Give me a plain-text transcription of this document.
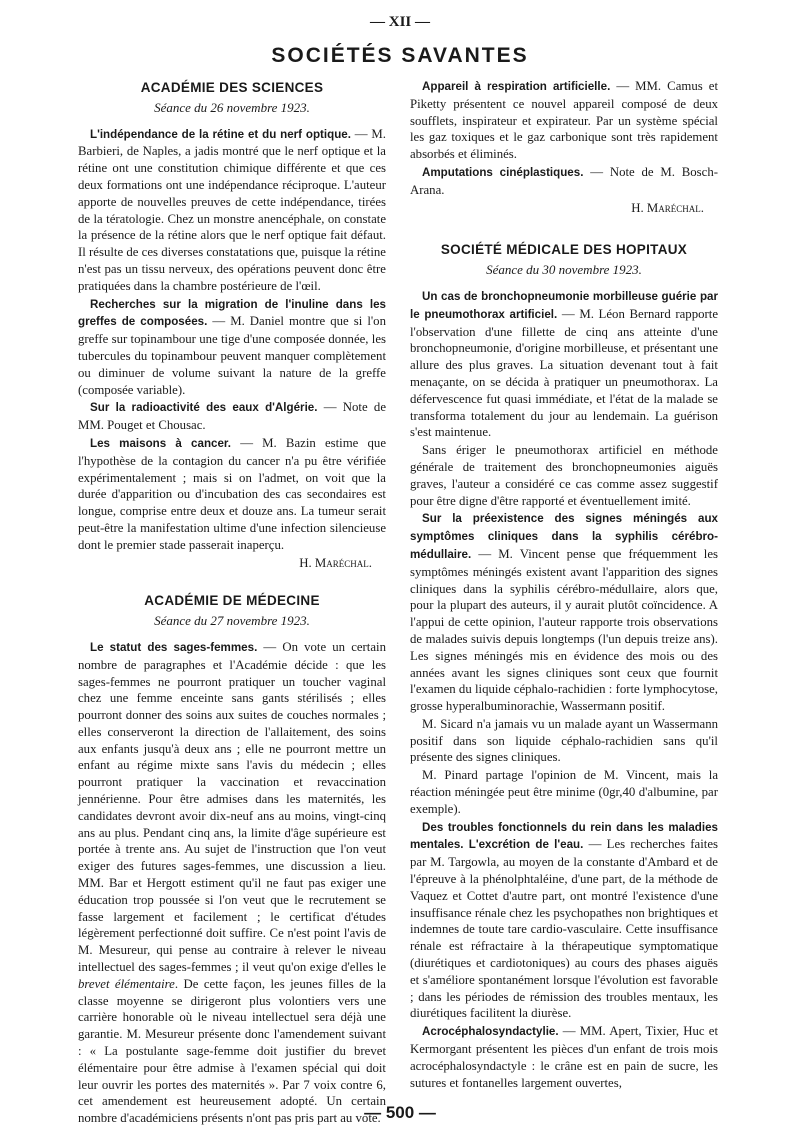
— XII —
SOCIÉTÉS SAVANTES
ACADÉMIE DES SCIENCES
Séance du 26 novembre 1923.

L'indépendance de la rétine et du nerf optique. — M. Barbieri, de Naples, a jadis montré que le nerf optique et la rétine ont une constitution chimique différente et que ces deux formations ont une indépendance réciproque. L'auteur apporte de nouvelles preuves de cette indépendance, tirées de la tératologie. Chez un monstre anencéphale, on constate la présence de la rétine alors que le nerf optique fait défaut. Il résulte de ces diverses constatations que, puisque la rétine n'est pas un tissu nerveux, des opérations peuvent donc être pratiquées dans la chambre postérieure de l'œil.

Recherches sur la migration de l'inuline dans les greffes de composées. — M. Daniel montre que si l'on greffe sur topinambour une tige d'une composée donnée, les tubercules du topinambour peuvent manquer complètement ou diminuer de volume suivant la nature de la greffe (composée variable).

Sur la radioactivité des eaux d'Algérie. — Note de MM. Pouget et Chousac.

Les maisons à cancer. — M. Bazin estime que l'hypothèse de la contagion du cancer n'a pu être vérifiée expérimentalement ; mais si on l'admet, on voit que la durée d'apparition ou d'incubation des cas secondaires est longue, comprise entre deux et douze ans. La tumeur serait peut-être la manifestation ultime d'une infection silencieuse dont le premier stade passerait inaperçu.

H. Maréchal.
ACADÉMIE DE MÉDECINE
Séance du 27 novembre 1923.

Le statut des sages-femmes. — On vote un certain nombre de paragraphes et l'Académie décide : que les sages-femmes ne pourront pratiquer un toucher vaginal chez une femme enceinte sans gants stérilisés ; elles pourront donner des soins aux suites de couches normales ; elles conserveront la direction de l'allaitement, des soins aux enfants jusqu'à deux ans ; elle ne pourront mettre un enfant au régime mixte sans l'avis du médecin ; elles pourront pratiquer la vaccination et revaccination jennérienne. Pour être admises dans les maternités, les candidates devront avoir dix-neuf ans au moins, vingt-cinq ans au plus. Pendant cinq ans, la limite d'âge supérieure est portée à trente ans. Au sujet de l'instruction que l'on veut exiger des futures sages-femmes, une discussion a lieu. MM. Bar et Hergott estiment qu'il ne faut pas exiger une éducation trop poussée si l'on veut que le recrutement se fasse largement et facilement ; le certificat d'études légèrement perfectionné doit suffire. Ce n'est point l'avis de M. Mesureur, qui pense au contraire à relever le niveau intellectuel des sages-femmes ; il veut qu'on exige d'elles le brevet élémentaire. De cette façon, les jeunes filles de la classe moyenne se dirigeront plus volontiers vers une carrière honorable où le niveau intellectuel sera déjà une garantie. M. Mesureur présente donc l'amendement suivant : « La postulante sage-femme doit justifier du brevet élémentaire pour être admise à l'examen spécial qui doit leur ouvrir les portes des maternités ». Par 7 voix contre 6, cet amendement est heureusement adopté. Un certain nombre d'académiciens présents n'ont pas pris part au vote.

Appareil à respiration artificielle. — MM. Camus et Piketty présentent ce nouvel appareil composé de deux soufflets, inspirateur et expirateur. Par un système spécial les gaz toxiques et le gaz carbonique sont très rapidement absorbés et éliminés.

Amputations cinéplastiques. — Note de M. Bosch-Arana.

H. Maréchal.
SOCIÉTÉ MÉDICALE DES HOPITAUX
Séance du 30 novembre 1923.

Un cas de bronchopneumonie morbilleuse guérie par le pneumothorax artificiel. — M. Léon Bernard rapporte l'observation d'une fillette de cinq ans atteinte d'une bronchopneumonie, d'origine morbilleuse, et présentant une allure des plus graves. La situation devenant tout à fait menaçante, on se décida à pratiquer un pneumothorax. La défervescence fut quasi immédiate, et l'état de la malade se transforma totalement du jour au lendemain. La guérison s'est maintenue.

Sans ériger le pneumothorax artificiel en méthode générale de traitement des bronchopneumonies aiguës graves, l'auteur a considéré ce cas comme assez suggestif pour être digne d'être rapporté et éventuellement imité.

Sur la préexistence des signes méningés aux symptômes cliniques dans la syphilis cérébro-médullaire. — M. Vincent pense que fréquemment les symptômes méningés existent avant l'apparition des signes cliniques dans la syphilis cérébro-médullaire, alors que, pour la plupart des auteurs, il y aurait plutôt coïncidence. A l'appui de cette opinion, l'auteur rapporte trois observations de malades suivis depuis longtemps (l'un depuis treize ans). Les signes méningés mis en évidence des mois ou des années avant les signes cliniques sont ceux que fournit l'examen du liquide céphalo-rachidien : forte lymphocytose, grosse hyperalbuminorachie, Wassermann positif.

M. Sicard n'a jamais vu un malade ayant un Wassermann positif dans son liquide céphalo-rachidien sans qu'il présente des signes cliniques.

M. Pinard partage l'opinion de M. Vincent, mais la réaction méningée peut être minime (0gr,40 d'albumine, par exemple).

Des troubles fonctionnels du rein dans les maladies mentales. L'excrétion de l'eau. — Les recherches faites par M. Targowla, au moyen de la constante d'Ambard et de l'épreuve à la phénolphtaléine, d'une part, de la méthode de Vaquez et Cottet d'autre part, ont montré l'existence d'une insuffisance rénale chez les psychopathes non brightiques et indemnes de toute tare cardio-vasculaire. Cette insuffisance rénale est réfractaire à la thérapeutique symptomatique (diurétiques et cardiotoniques) au cours des phases aiguës et s'améliore spontanément lorsque l'évolution est favorable ; dans les périodes de rémission des troubles mentaux, les diurétiques facilitent la diurèse.

Acrocéphalosyndactylie. — MM. Apert, Tixier, Huc et Kermorgant présentent les pièces d'un enfant de trois mois acrocéphalosyndactyle : le crâne est en pain de sucre, les sutures et fontanelles largement ouvertes,

— 500 —
